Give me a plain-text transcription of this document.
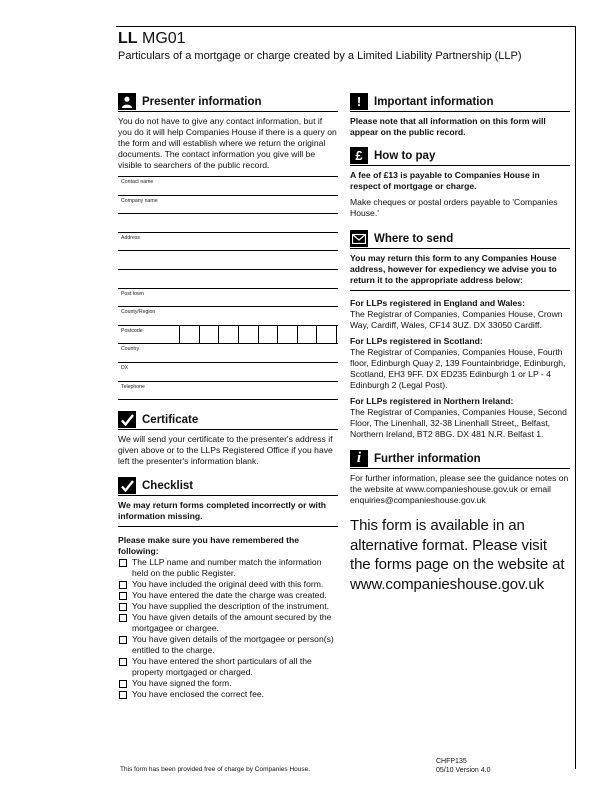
LL MG01
Particulars of a mortgage or charge created by a Limited Liability Partnership (LLP)
Presenter information

You do not have to give any contact information, but if you do it will help Companies House if there is a query on the form and will establish where we return the original documents. The contact information you give will be visible to searchers of the public record.

Contact name
Company name
Address
Post town
County/Region
Postcode
Country
DX
Telephone
Certificate

We will send your certificate to the presenter's address if given above or to the LLPs Registered Office if you have left the presenter's information blank.

Checklist

We may return forms completed incorrectly or with information missing.

Please make sure you have remembered the following:

The LLP name and number match the information held on the public Register.
You have included the original deed with this form.
You have entered the date the charge was created.
You have supplied the description of the instrument.
You have given details of the amount secured by the mortgagee or chargee.
You have given details of the mortgagee or person(s) entitled to the charge.
You have entered the short particulars of all the property mortgaged or charged.
You have signed the form.
You have enclosed the correct fee.
!	Important information

Please note that all information on this form will appear on the public record.

£ How to pay

A fee of £13 is payable to Companies House in respect of mortgage or charge.

Make cheques or postal orders payable to 'Companies House.'

Where to send

You may return this form to any Companies House address, however for expediency we advise you to return it to the appropriate address below:

For LLPs registered in England and Wales:

The Registrar of Companies, Companies House, Crown Way, Cardiff, Wales, CF14 3UZ. DX 33050 Cardiff.

For LLPs registered in Scotland:

The Registrar of Companies, Companies House, Fourth floor, Edinburgh Quay 2, 139 Fountainbridge, Edinburgh, Scotland, EH3 9FF. DX ED235 Edinburgh 1 or LP - 4 Edinburgh 2 (Legal Post).

For LLPs registered in Northern Ireland:

The Registrar of Companies, Companies House, Second Floor, The Linenhall, 32-38 Linenhall Street,, Belfast, Northern Ireland, BT2 8BG. DX 481 N.R. Belfast 1.

i	Further information

For further information, please see the guidance notes on the website at www.companieshouse.gov.uk or email enquiries@companieshouse.gov.uk

This form is available in an alternative format. Please visit the forms page on the website at www.companieshouse.gov.uk
This form has been provided free of charge by Companies House.
CHFP135
05/10 Version 4.0
